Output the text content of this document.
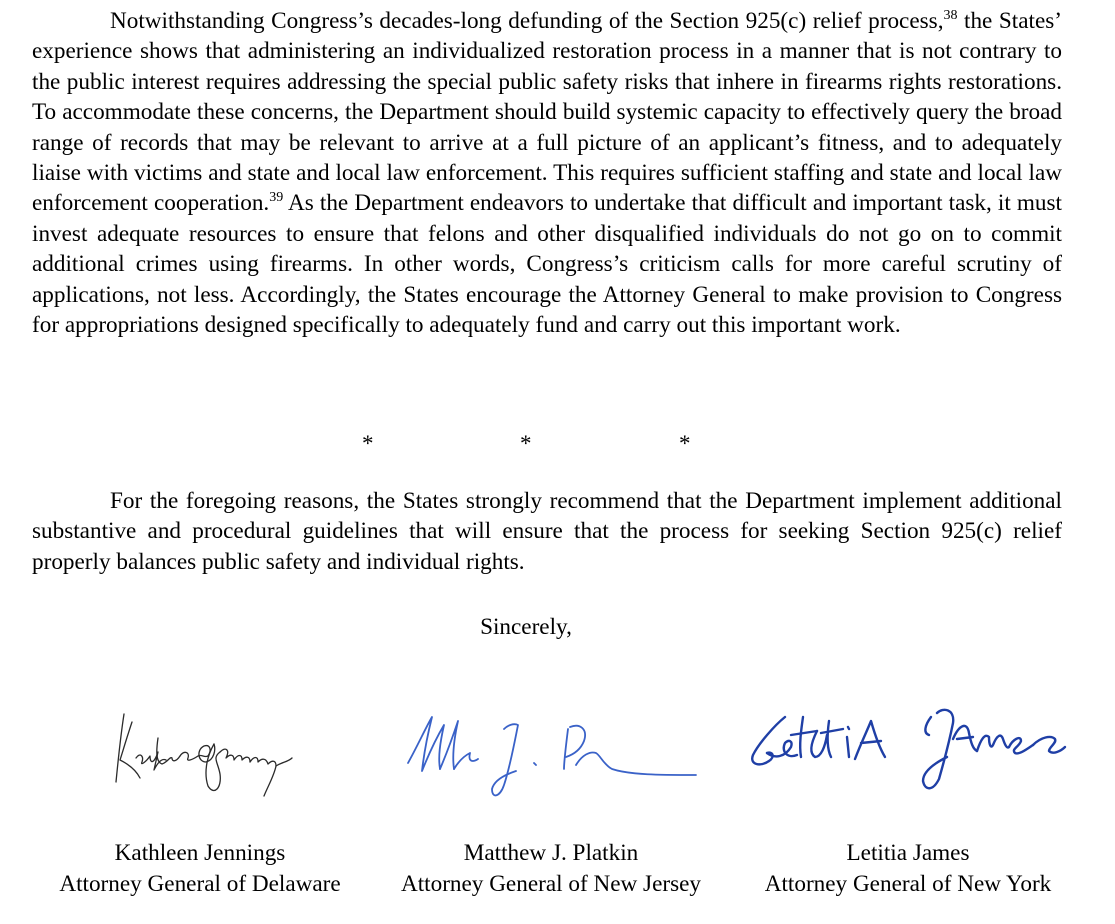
Notwithstanding Congress’s decades-long defunding of the Section 925(c) relief process,$^{38}$ the States’ experience shows that administering an individualized restoration process in a manner that is not contrary to the public interest requires addressing the special public safety risks that inhere in firearms rights restorations. To accommodate these concerns, the Department should build systemic capacity to effectively query the broad range of records that may be relevant to arrive at a full picture of an applicant’s fitness, and to adequately liaise with victims and state and local law enforcement. This requires sufficient staffing and state and local law enforcement cooperation.$^{39}$ As the Department endeavors to undertake that difficult and important task, it must invest adequate resources to ensure that felons and other disqualified individuals do not go on to commit additional crimes using firearms. In other words, Congress’s criticism calls for more careful scrutiny of applications, not less. Accordingly, the States encourage the Attorney General to make provision to Congress for appropriations designed specifically to adequately fund and carry out this important work.

*	*	*

For the foregoing reasons, the States strongly recommend that the Department implement additional substantive and procedural guidelines that will ensure that the process for seeking Section 925(c) relief properly balances public safety and individual rights.

Sincerely,
Kathleen Jennings
Attorney General of Delaware
Matthew J. Platkin
Attorney General of New Jersey
Letitia James
Attorney General of New York
